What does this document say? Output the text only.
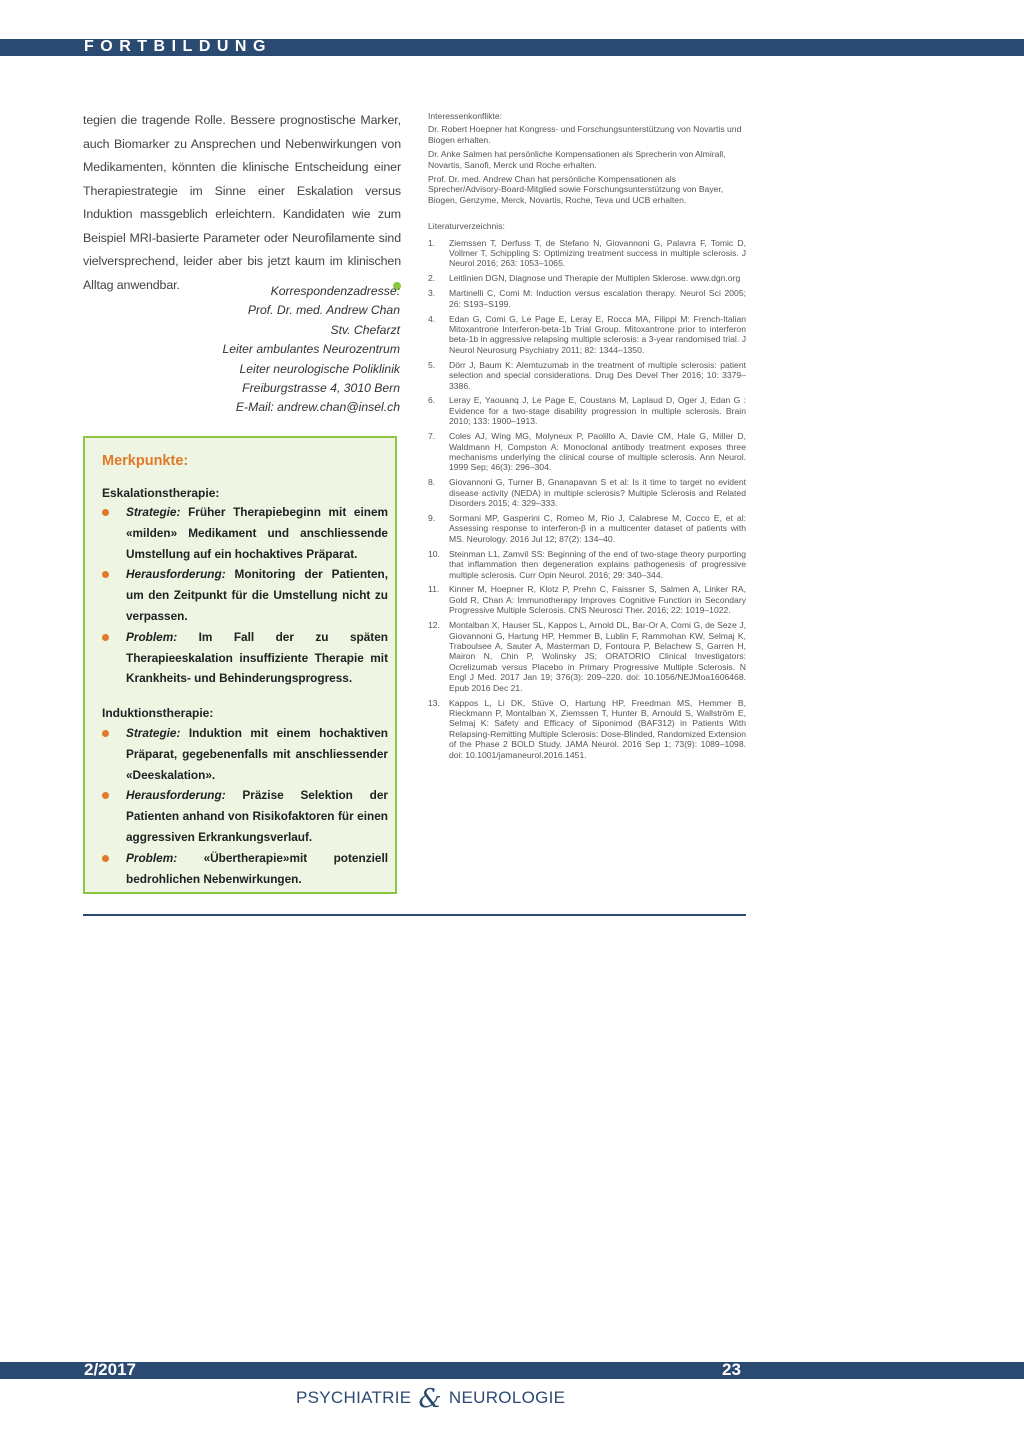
FORTBILDUNG

tegien die tragende Rolle. Bessere prognostische Marker, auch Biomarker zu Ansprechen und Nebenwirkungen von Medikamenten, könnten die klinische Entscheidung einer Therapiestrategie im Sinne einer Eskalation versus Induktion massgeblich erleichtern. Kandidaten wie zum Beispiel MRI-basierte Parameter oder Neurofilamente sind vielversprechend, leider aber bis jetzt kaum im klinischen Alltag anwendbar.	Korrespondenzadresse:
Prof. Dr. med. Andrew Chan
Stv. Chefarzt
Leiter ambulantes Neurozentrum
Leiter neurologische Poliklinik
Freiburgstrasse 4, 3010 Bern
E-Mail: andrew.chan@insel.ch
Merkpunkte:
Eskalationstherapie:
Strategie: Früher Therapiebeginn mit einem «milden» Medikament und anschliessende Umstellung auf ein hochaktives Präparat.
Herausforderung: Monitoring der Patienten, um den Zeitpunkt für die Umstellung nicht zu verpassen.
Problem: Im Fall der zu späten Therapieeskalation insuffiziente Therapie mit Krankheits- und Behinderungsprogress.
Induktionstherapie:
Strategie: Induktion mit einem hochaktiven Präparat, gegebenenfalls mit anschliessender «Deeskalation».
Herausforderung: Präzise Selektion der Patienten anhand von Risikofaktoren für einen aggressiven Erkrankungsverlauf.
Problem: «Übertherapie»mit potenziell bedrohlichen Nebenwirkungen.

Interessenkonflikte:

Dr. Robert Hoepner hat Kongress- und Forschungsunterstützung von Novartis und Biogen erhalten.

Dr. Anke Salmen hat persönliche Kompensationen als Sprecherin von Almirall, Novartis, Sanofi, Merck und Roche erhalten.

Prof. Dr. med. Andrew Chan hat persönliche Kompensationen als Sprecher/Advisory-Board-Mitglied sowie Forschungsunterstützung von Bayer, Biogen, Genzyme, Merck, Novartis, Roche, Teva und UCB erhalten.

Literaturverzeichnis:

1. Ziemssen T, Derfuss T, de Stefano N, Giovannoni G, Palavra F, Tomic D, Vollmer T, Schippling S: Optimizing treatment success in multiple sclerosis. J Neurol 2016; 263: 1053–1065.
2. Leitlinien DGN, Diagnose und Therapie der Multiplen Sklerose. www.dgn.org
3. Martinelli C, Comi M: Induction versus escalation therapy. Neurol Sci 2005; 26: S193–S199.
4. Edan G, Comi G, Le Page E, Leray E, Rocca MA, Filippi M: French-Italian Mitoxantrone Interferon-beta-1b Trial Group. Mitoxantrone prior to interferon beta-1b in aggressive relapsing multiple sclerosis: a 3-year randomised trial. J Neurol Neurosurg Psychiatry 2011; 82: 1344–1350.
5. Dörr J, Baum K: Alemtuzumab in the treatment of multiple sclerosis: patient selection and special considerations. Drug Des Devel Ther 2016; 10: 3379–3386.
6. Leray E, Yaouanq J, Le Page E, Coustans M, Laplaud D, Oger J, Edan G : Evidence for a two-stage disability progression in multiple sclerosis. Brain 2010; 133: 1900–1913.
7. Coles AJ, Wing MG, Molyneux P, Paolillo A, Davie CM, Hale G, Miller D, Waldmann H, Compston A: Monoclonal antibody treatment exposes three mechanisms underlying the clinical course of multiple sclerosis. Ann Neurol. 1999 Sep; 46(3): 296–304.
8. Giovannoni G, Turner B, Gnanapavan S et al: Is it time to target no evident disease activity (NEDA) in multiple sclerosis? Multiple Sclerosis and Related Disorders 2015; 4: 329–333.
9. Sormani MP, Gasperini C, Romeo M, Rio J, Calabrese M, Cocco E, et al: Assessing response to interferon-β in a multicenter dataset of patients with MS. Neurology. 2016 Jul 12; 87(2): 134–40.
10. Steinman L1, Zamvil SS: Beginning of the end of two-stage theory purporting that inflammation then degeneration explains pathogenesis of progressive multiple sclerosis. Curr Opin Neurol. 2016; 29: 340–344.
11. Kinner M, Hoepner R, Klotz P, Prehn C, Faissner S, Salmen A, Linker RA, Gold R, Chan A: Immunotherapy Improves Cognitive Function in Secondary Progressive Multiple Sclerosis. CNS Neurosci Ther. 2016; 22: 1019–1022.
12. Montalban X, Hauser SL, Kappos L, Arnold DL, Bar-Or A, Comi G, de Seze J, Giovannoni G, Hartung HP, Hemmer B, Lublin F, Rammohan KW, Selmaj K, Traboulsee A, Sauter A, Masterman D, Fontoura P, Belachew S, Garren H, Mairon N, Chin P, Wolinsky JS; ORATORIO Clinical Investigators: Ocrelizumab versus Placebo in Primary Progressive Multiple Sclerosis. N Engl J Med. 2017 Jan 19; 376(3): 209–220. doi: 10.1056/NEJMoa1606468. Epub 2016 Dec 21.
13. Kappos L, Li DK, Stüve O, Hartung HP, Freedman MS, Hemmer B, Rieckmann P, Montalban X, Ziemssen T, Hunter B, Arnould S, Wallström E, Selmaj K: Safety and Efficacy of Siponimod (BAF312) in Patients With Relapsing-Remitting Multiple Sclerosis: Dose-Blinded, Randomized Extension of the Phase 2 BOLD Study. JAMA Neurol. 2016 Sep 1; 73(9): 1089–1098. doi: 10.1001/jamaneurol.2016.1451.
2/2017	23
PSYCHIATRIE & NEUROLOGIE
